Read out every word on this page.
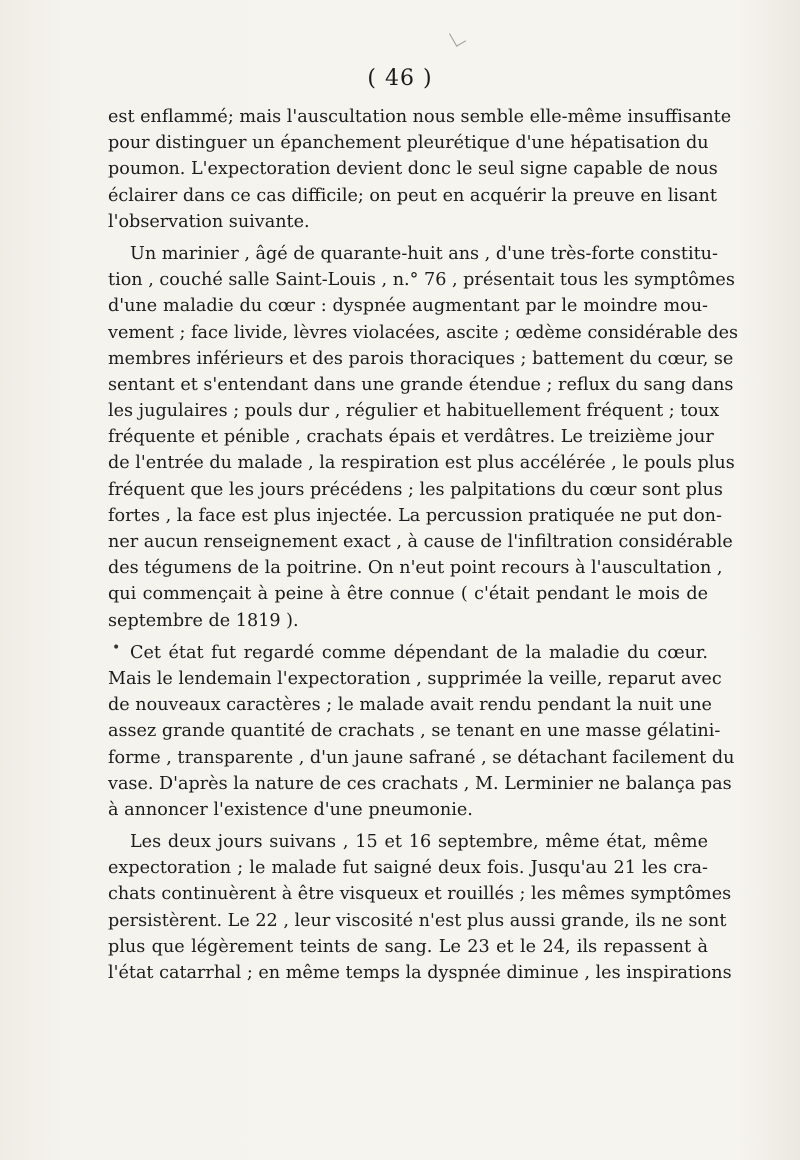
( 46 )
•
est enflammé; mais l'auscultation nous semble elle-même insuffisante
pour distinguer un épanchement pleurétique d'une hépatisation du
poumon. L'expectoration devient donc le seul signe capable de nous
éclairer dans ce cas difficile; on peut en acquérir la preuve en lisant
l'observation suivante.
Un marinier , âgé de quarante-huit ans , d'une très-forte constitu-
tion , couché salle Saint-Louis , n.° 76 , présentait tous les symptômes
d'une maladie du cœur : dyspnée augmentant par le moindre mou-
vement ; face livide, lèvres violacées, ascite ; œdème considérable des
membres inférieurs et des parois thoraciques ; battement du cœur, se
sentant et s'entendant dans une grande étendue ; reflux du sang dans
les jugulaires ; pouls dur , régulier et habituellement fréquent ; toux
fréquente et pénible , crachats épais et verdâtres. Le treizième jour
de l'entrée du malade , la respiration est plus accélérée , le pouls plus
fréquent que les jours précédens ; les palpitations du cœur sont plus
fortes , la face est plus injectée. La percussion pratiquée ne put don-
ner aucun renseignement exact , à cause de l'infiltration considérable
des tégumens de la poitrine. On n'eut point recours à l'auscultation ,
qui commençait à peine à être connue ( c'était pendant le mois de
septembre de 1819 ).
Cet état fut regardé comme dépendant de la maladie du cœur.
Mais le lendemain l'expectoration , supprimée la veille, reparut avec
de nouveaux caractères ; le malade avait rendu pendant la nuit une
assez grande quantité de crachats , se tenant en une masse gélatini-
forme , transparente , d'un jaune safrané , se détachant facilement du
vase. D'après la nature de ces crachats , M. Lerminier ne balança pas
à annoncer l'existence d'une pneumonie.
Les deux jours suivans , 15 et 16 septembre, même état, même
expectoration ; le malade fut saigné deux fois. Jusqu'au 21 les cra-
chats continuèrent à être visqueux et rouillés ; les mêmes symptômes
persistèrent. Le 22 , leur viscosité n'est plus aussi grande, ils ne sont
plus que légèrement teints de sang. Le 23 et le 24, ils repassent à
l'état catarrhal ; en même temps la dyspnée diminue , les inspirations
